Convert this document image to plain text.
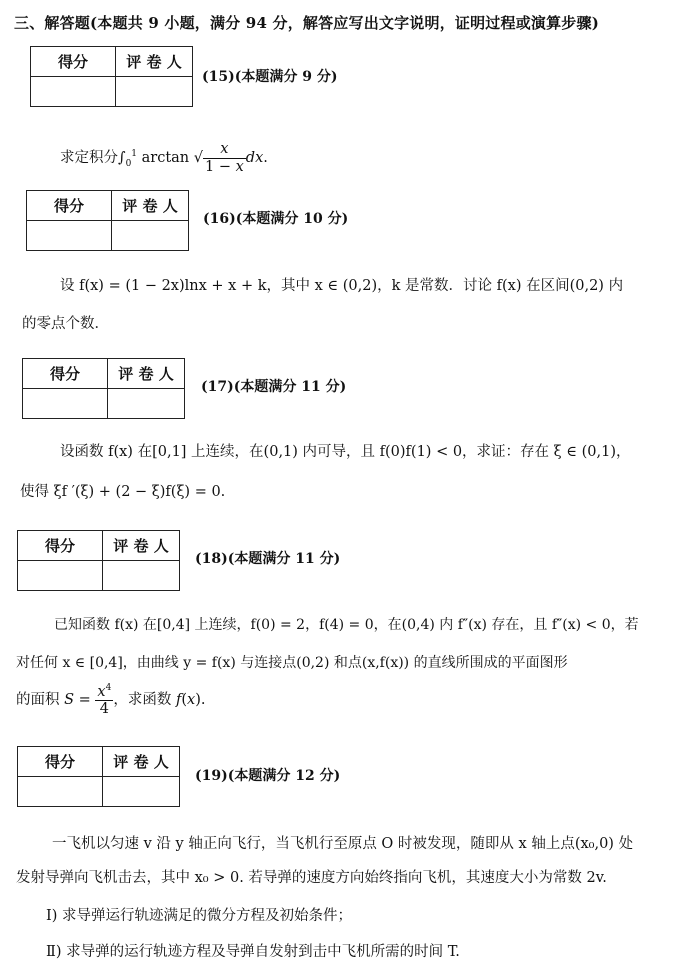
三、解答题(本题共 9 小题，满分 94 分，解答应写出文字说明，证明过程或演算步骤)
得分	评 卷 人

(15)(本题满分 9 分)
求定积分$\int_0^1$ arctan √ $\frac{x}{1 - x}$ dx.
得分	评 卷 人

(16)(本题满分 10 分)
设 f(x) = (1 − 2x)lnx + x + k，其中 x ∈ (0,2)，k 是常数．讨论 f(x) 在区间(0,2) 内
的零点个数．
得分	评 卷 人

(17)(本题满分 11 分)
设函数 f(x) 在[0,1] 上连续，在(0,1) 内可导，且 f(0)f(1) < 0，求证：存在 ξ ∈ (0,1)，
使得 ξf ′(ξ) + (2 − ξ)f(ξ) = 0.
得分	评 卷 人

(18)(本题满分 11 分)
已知函数 f(x) 在[0,4] 上连续，f(0) = 2，f(4) = 0，在(0,4) 内 f″(x) 存在，且 f″(x) < 0，若
对任何 x ∈ [0,4]，由曲线 y = f(x) 与连接点(0,2) 和点(x,f(x)) 的直线所围成的平面图形
的面积 $S = \frac{x^4}{4}$ ，求函数 f(x).
得分	评 卷 人

(19)(本题满分 12 分)
一飞机以匀速 v 沿 y 轴正向飞行，当飞机行至原点 O 时被发现，随即从 x 轴上点(x₀,0) 处
发射导弹向飞机击去，其中 x₀ > 0. 若导弹的速度方向始终指向飞机，其速度大小为常数 2v.
Ⅰ) 求导弹运行轨迹满足的微分方程及初始条件；
Ⅱ) 求导弹的运行轨迹方程及导弹自发射到击中飞机所需的时间 T.
